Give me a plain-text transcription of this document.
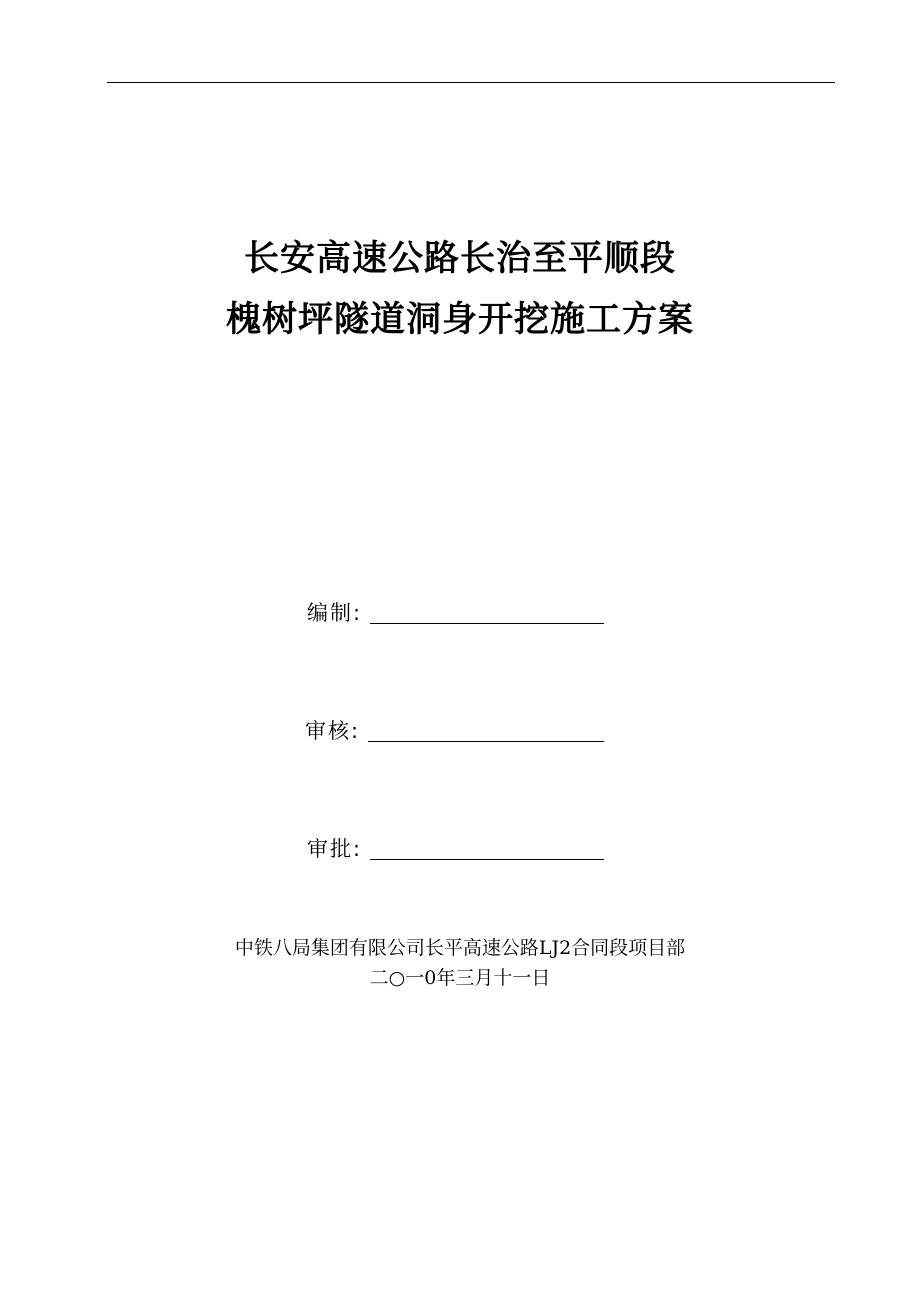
长安高速公路长治至平顺段
槐树坪隧道洞身开挖施工方案
编制 :
审核 :
审批 :
中铁八局集团有限公司长平高速公路LJ2合同段项目部
二○一0年三月十一日
